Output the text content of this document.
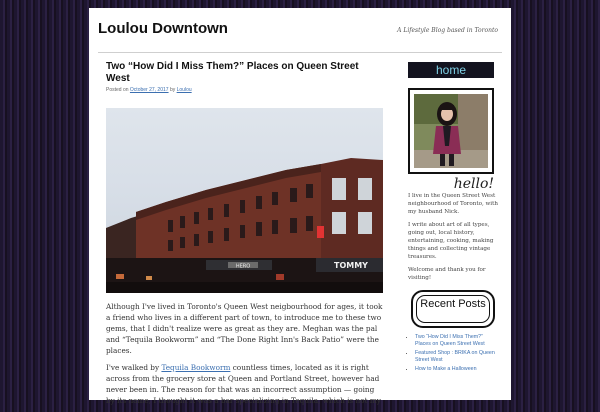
Loulou Downtown	A Lifestyle Blog based in Toronto
Two “How Did I Miss Them?” Places on Queen Street West
Posted on October 27, 2017 by Loulou
HERO	TOMMY

Although I've lived in Toronto's Queen West neigbourhood for ages, it took a friend who lives in a different part of town, to introduce me to these two gems, that I didn't realize were as great as they are. Meghan was the pal and “Tequila Bookworm” and “The Done Right Inn's Back Patio” were the places.

I've walked by Tequila Bookworm countless times, located as it is right across from the grocery store at Queen and Portland Street, however had never been in. The reason for that was an incorrect assumption — going by its name, I thought it was a bar specializing in Tequila, which is not my

home
hello!

I live in the Queen Street West neighbourhood of Toronto, with my husband Nick.

I write about art of all types, going out, local history, entertaining, cooking, making things and collecting vintage treasures.

Welcome and thank you for visiting!

Recent Posts
• Two “How Did I Miss Them?” Places on Queen Street West
• Featured Shop : BRIKA on Queen Street West
• How to Make a Halloween
